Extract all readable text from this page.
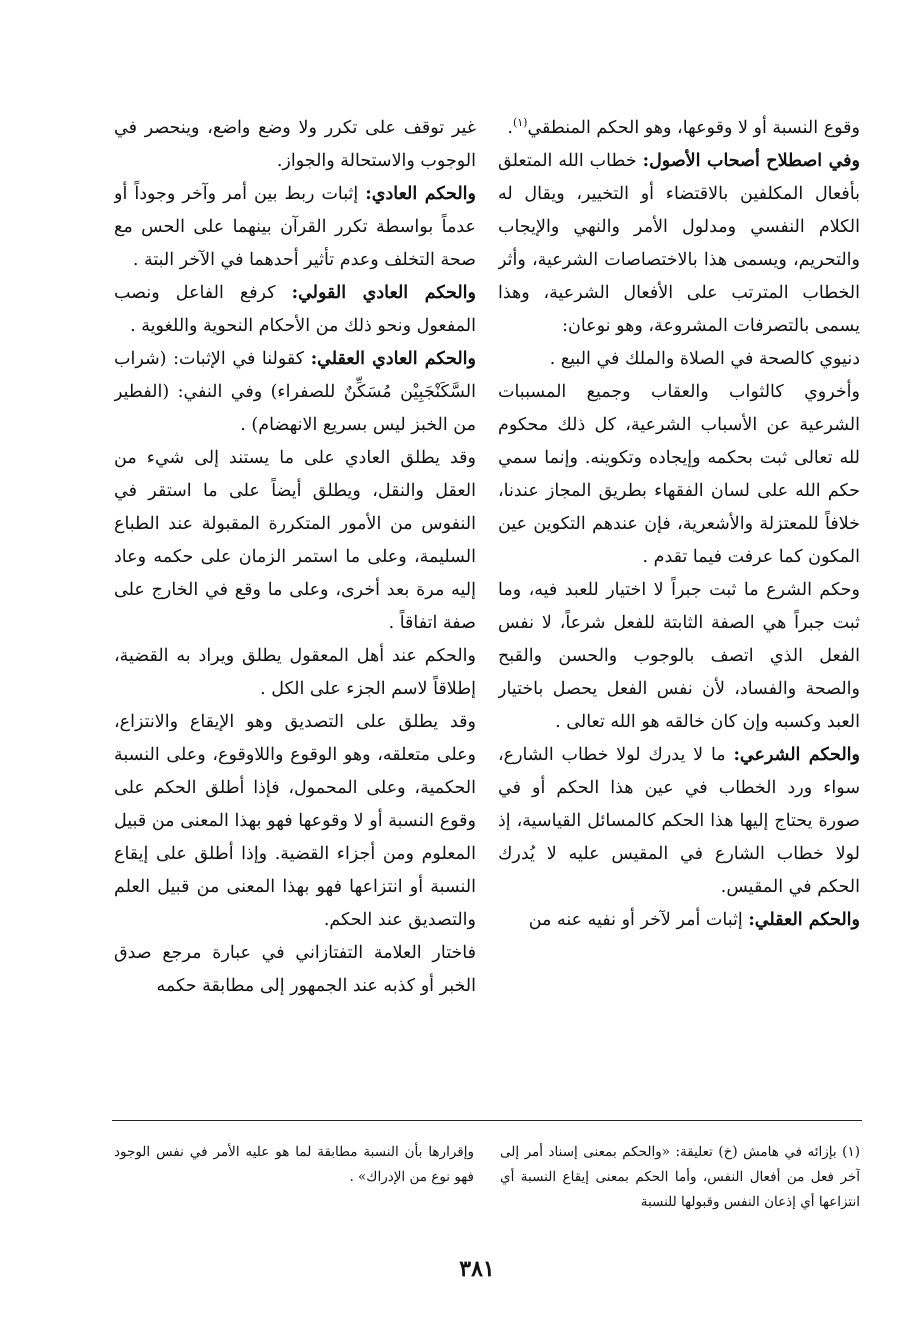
وقوع النسبة أو لا وقوعها، وهو الحكم المنطقي$^{(١)}$.

وفي اصطلاح أصحاب الأصول: خطاب الله المتعلق بأفعال المكلفين بالاقتضاء أو التخيير، ويقال له الكلام النفسي ومدلول الأمر والنهي والإيجاب والتحريم، ويسمى هذا بالاختصاصات الشرعية، وأثر الخطاب المترتب على الأفعال الشرعية، وهذا يسمى بالتصرفات المشروعة، وهو نوعان:

دنيوي كالصحة في الصلاة والملك في البيع .

وأخروي كالثواب والعقاب وجميع المسببات الشرعية عن الأسباب الشرعية، كل ذلك محكوم لله تعالى ثبت بحكمه وإيجاده وتكوينه. وإنما سمي حكم الله على لسان الفقهاء بطريق المجاز عندنا، خلافاً للمعتزلة والأشعرية، فإن عندهم التكوين عين المكون كما عرفت فيما تقدم .

وحكم الشرع ما ثبت جبراً لا اختيار للعبد فيه، وما ثبت جبراً هي الصفة الثابتة للفعل شرعاً، لا نفس الفعل الذي اتصف بالوجوب والحسن والقبح والصحة والفساد، لأن نفس الفعل يحصل باختيار العبد وكسبه وإن كان خالقه هو الله تعالى .

والحكم الشرعي: ما لا يدرك لولا خطاب الشارع، سواء ورد الخطاب في عين هذا الحكم أو في صورة يحتاج إليها هذا الحكم كالمسائل القياسية، إذ لولا خطاب الشارع في المقيس عليه لا يُدرك الحكم في المقيس.

والحكم العقلي: إثبات أمر لآخر أو نفيه عنه من

غير توقف على تكرر ولا وضع واضع، وينحصر في الوجوب والاستحالة والجواز.

والحكم العادي: إثبات ربط بين أمر وآخر وجوداً أو عدماً بواسطة تكرر القرآن بينهما على الحس مع صحة التخلف وعدم تأثير أحدهما في الآخر البتة .

والحكم العادي القولي: كرفع الفاعل ونصب المفعول ونحو ذلك من الأحكام النحوية واللغوية .

والحكم العادي العقلي: كقولنا في الإثبات: (شراب السَّكَنْجَبِيْن مُسَكِّنٌ للصفراء) وفي النفي: (الفطير من الخبز ليس بسريع الانهضام) .

وقد يطلق العادي على ما يستند إلى شيء من العقل والنقل، ويطلق أيضاً على ما استقر في النفوس من الأمور المتكررة المقبولة عند الطباع السليمة، وعلى ما استمر الزمان على حكمه وعاد إليه مرة بعد أخرى، وعلى ما وقع في الخارج على صفة اتفاقاً .

والحكم عند أهل المعقول يطلق ويراد به القضية، إطلاقاً لاسم الجزء على الكل .

وقد يطلق على التصديق وهو الإيقاع والانتزاع، وعلى متعلقه، وهو الوقوع واللاوقوع، وعلى النسبة الحكمية، وعلى المحمول، فإذا أطلق الحكم على وقوع النسبة أو لا وقوعها فهو بهذا المعنى من قبيل المعلوم ومن أجزاء القضية. وإذا أطلق على إيقاع النسبة أو انتزاعها فهو بهذا المعنى من قبيل العلم والتصديق عند الحكم.

فاختار العلامة التفتازاني في عبارة مرجع صدق الخبر أو كذبه عند الجمهور إلى مطابقة حكمه

(١) بإزائه في هامش (خ) تعليقة: «والحكم بمعنى إسناد أمر إلى آخر فعل من أفعال النفس، وأما الحكم بمعنى إيقاع النسبة أي انتزاعها أي إذعان النفس وقبولها للنسبة

وإقرارها بأن النسبة مطابقة لما هو عليه الأمر في نفس الوجود فهو نوع من الإدراك» .

٣٨١
